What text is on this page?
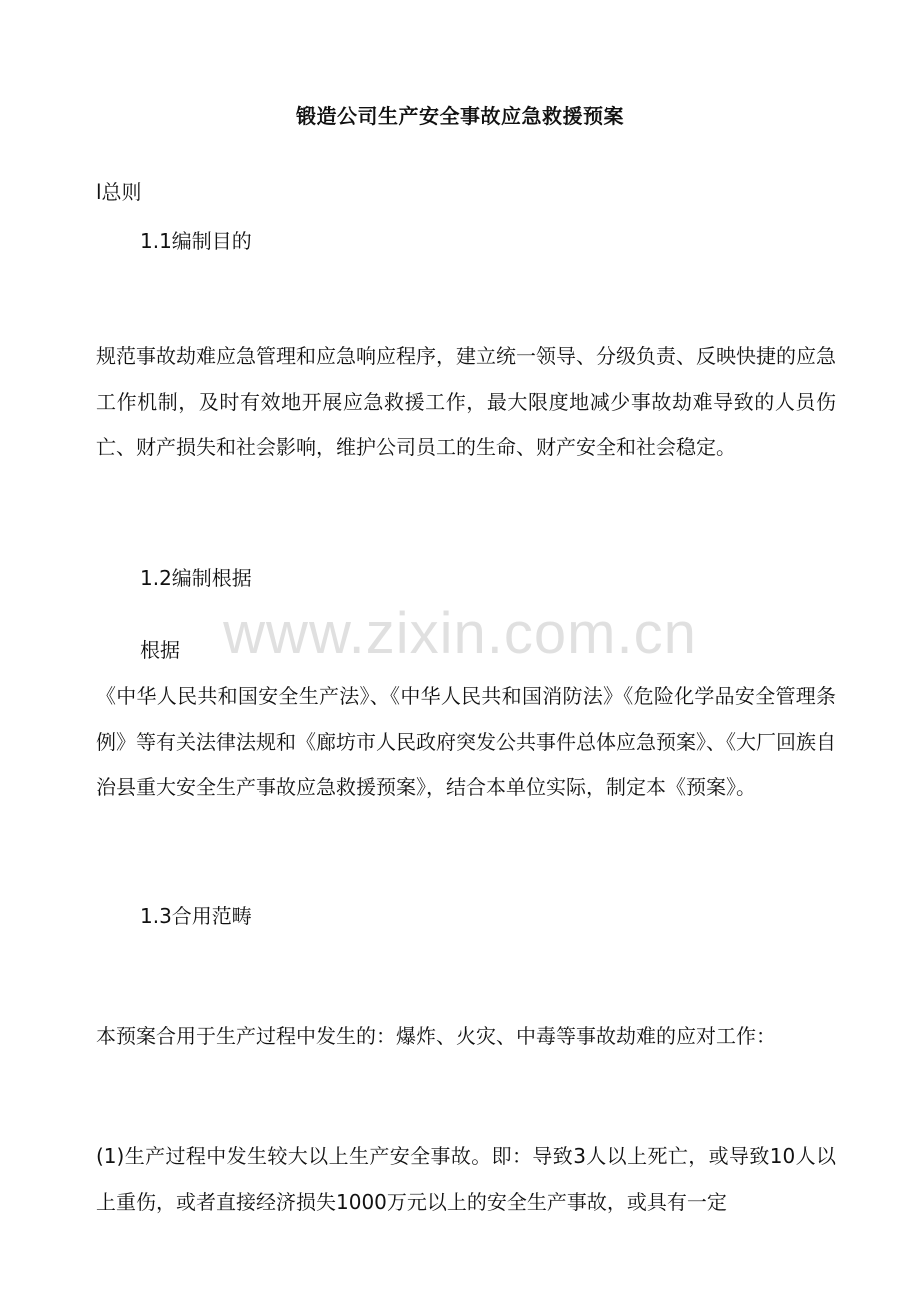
锻造公司生产安全事故应急救援预案
l总则
1.1编制目的
规范事故劫难应急管理和应急响应程序，建立统一领导、分级负责、反映快捷的应急工作机制，及时有效地开展应急救援工作，最大限度地减少事故劫难导致的人员伤亡、财产损失和社会影响，维护公司员工的生命、财产安全和社会稳定。
1.2编制根据
根据
《中华人民共和国安全生产法》、《中华人民共和国消防法》《危险化学品安全管理条例》等有关法律法规和《廊坊市人民政府突发公共事件总体应急预案》、《大厂回族自治县重大安全生产事故应急救援预案》，结合本单位实际，制定本《预案》。
1.3合用范畴
本预案合用于生产过程中发生的：爆炸、火灾、中毒等事故劫难的应对工作：
(1)生产过程中发生较大以上生产安全事故。即：导致3人以上死亡，或导致10人以上重伤，或者直接经济损失1000万元以上的安全生产事故，或具有一定
www.zixin.com.cn
